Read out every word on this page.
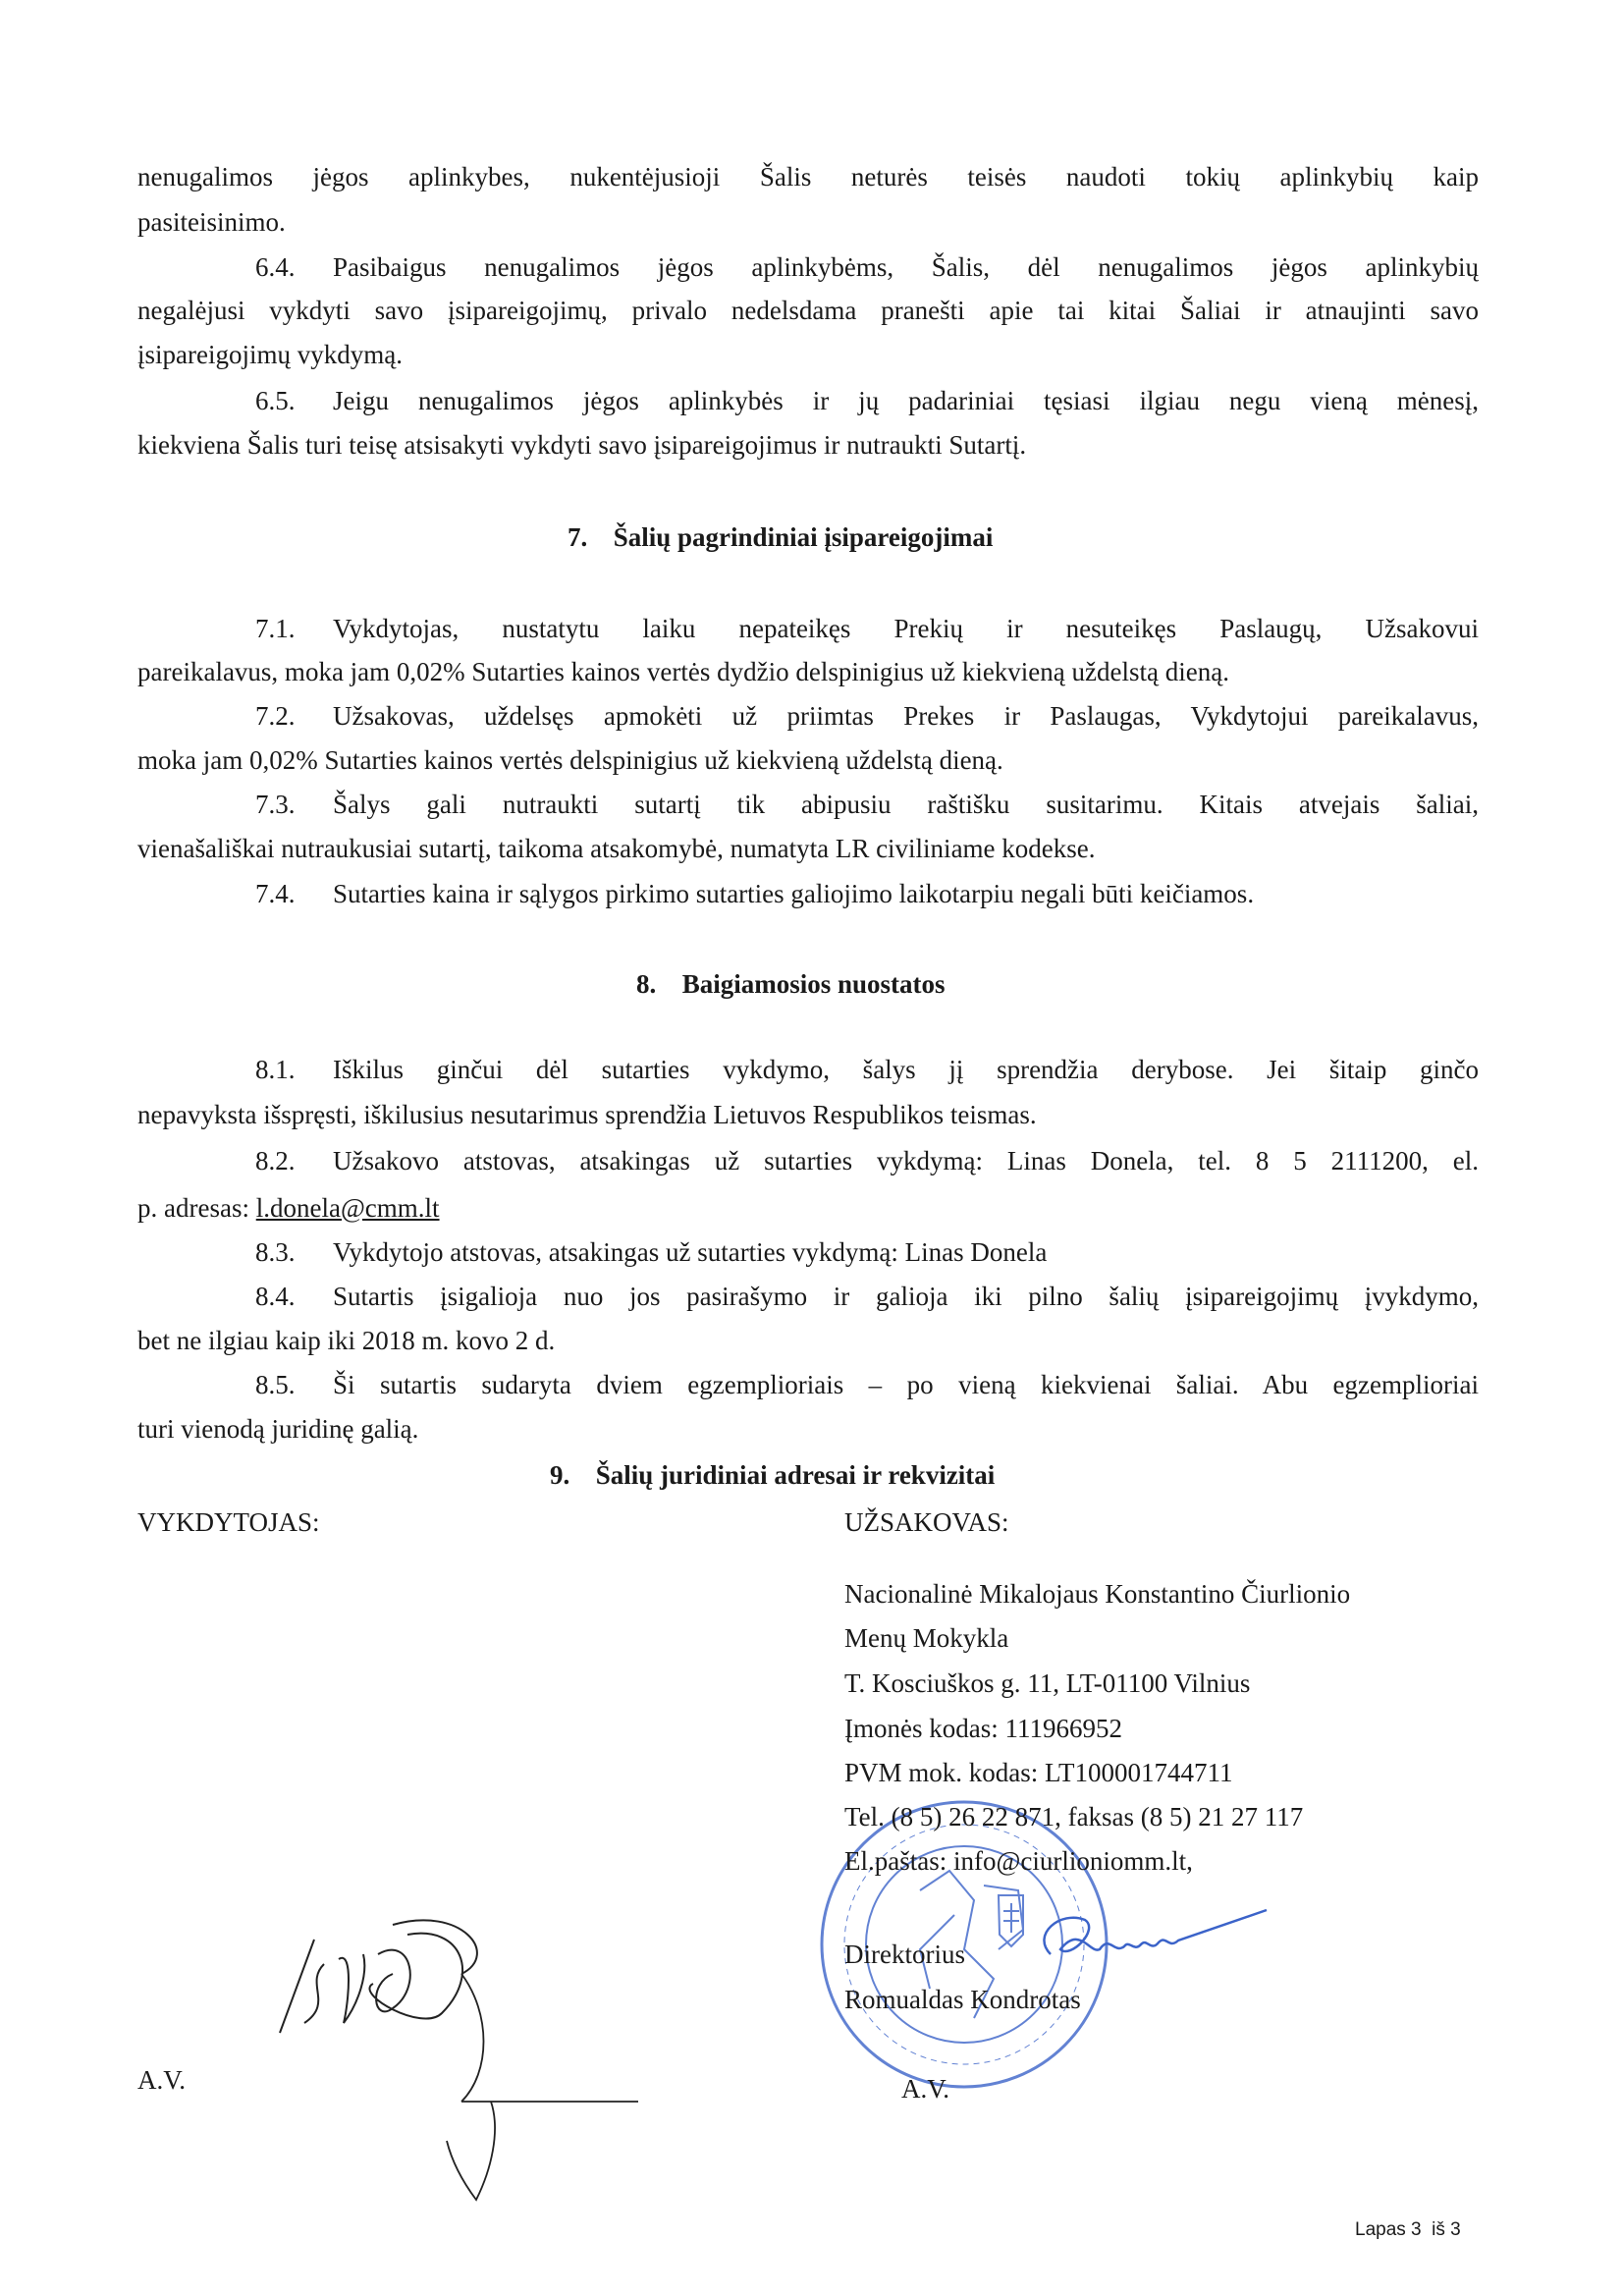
nenugalimos jėgos aplinkybes, nukentėjusioji Šalis neturės teisės naudoti tokių aplinkybių kaip
pasiteisinimo.
6.4.	Pasibaigus nenugalimos jėgos aplinkybėms, Šalis, dėl nenugalimos jėgos aplinkybių
negalėjusi vykdyti savo įsipareigojimų, privalo nedelsdama pranešti apie tai kitai Šaliai ir atnaujinti savo
įsipareigojimų vykdymą.
6.5.	Jeigu nenugalimos jėgos aplinkybės ir jų padariniai tęsiasi ilgiau negu vieną mėnesį,
kiekviena Šalis turi teisę atsisakyti vykdyti savo įsipareigojimus ir nutraukti Sutartį.
7. Šalių pagrindiniai įsipareigojimai
7.1.	Vykdytojas, nustatytu laiku nepateikęs Prekių ir nesuteikęs Paslaugų, Užsakovui
pareikalavus, moka jam 0,02% Sutarties kainos vertės dydžio delspinigius už kiekvieną uždelstą dieną.
7.2.	Užsakovas, uždelsęs apmokėti už priimtas Prekes ir Paslaugas, Vykdytojui pareikalavus,
moka jam 0,02% Sutarties kainos vertės delspinigius už kiekvieną uždelstą dieną.
7.3.	Šalys gali nutraukti sutartį tik abipusiu raštišku susitarimu. Kitais atvejais šaliai,
vienašališkai nutraukusiai sutartį, taikoma atsakomybė, numatyta LR civiliniame kodekse.
7.4.	Sutarties kaina ir sąlygos pirkimo sutarties galiojimo laikotarpiu negali būti keičiamos.
8. Baigiamosios nuostatos
8.1.	Iškilus ginčui dėl sutarties vykdymo, šalys jį sprendžia derybose. Jei šitaip ginčo
nepavyksta išspręsti, iškilusius nesutarimus sprendžia Lietuvos Respublikos teismas.
8.2.	Užsakovo atstovas, atsakingas už sutarties vykdymą: Linas Donela, tel. 8 5 2111200, el.
p. adresas: l.donela@cmm.lt
8.3.	Vykdytojo atstovas, atsakingas už sutarties vykdymą: Linas Donela
8.4.	Sutartis įsigalioja nuo jos pasirašymo ir galioja iki pilno šalių įsipareigojimų įvykdymo,
bet ne ilgiau kaip iki 2018 m. kovo 2 d.
8.5.	Ši sutartis sudaryta dviem egzemplioriais – po vieną kiekvienai šaliai. Abu egzemplioriai
turi vienodą juridinę galią.
9. Šalių juridiniai adresai ir rekvizitai
VYKDYTOJAS:	UŽSAKOVAS:
Nacionalinė Mikalojaus Konstantino Čiurlionio
Menų Mokykla
T. Kosciuškos g. 11, LT-01100 Vilnius
Įmonės kodas: 111966952
PVM mok. kodas: LT100001744711
Tel. (8 5) 26 22 871, faksas (8 5) 21 27 117
El.paštas: info@ciurlioniomm.lt,
Direktorius
Romualdas Kondrotas
A.V.	A.V.
Lapas 3  iš 3
